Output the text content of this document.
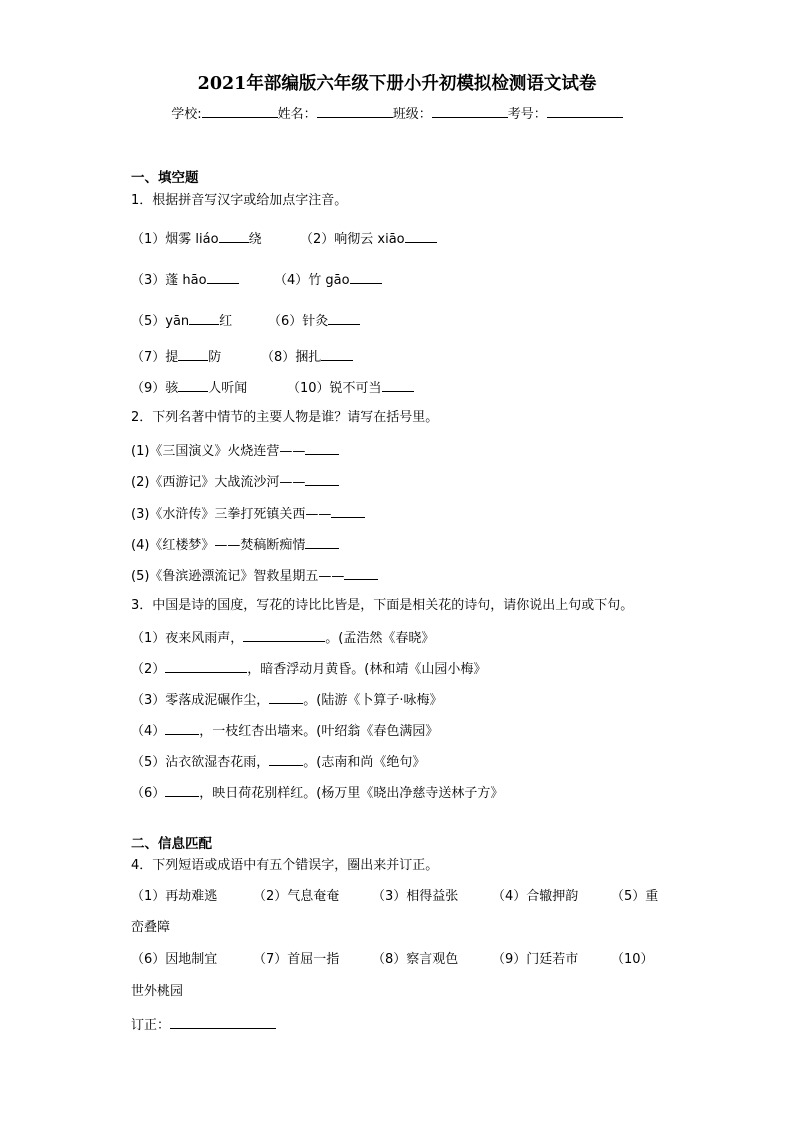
2021年部编版六年级下册小升初模拟检测语文试卷
学校:	姓名：	班级：	考号：
一、填空题
1．根据拼音写汉字或给加点字注音。
（1）烟雾 liáo 绕	（2）响彻云 xiāo
（3）蓬 hāo	（4）竹 gāo
（5）yān 红	（6）针灸
（7）提 防	（8）捆扎
（9）骇 人听闻	（10）锐不可当
2．下列名著中情节的主要人物是谁？请写在括号里。
(1)《三国演义》火烧连营——
(2)《西游记》大战流沙河——
(3)《水浒传》三拳打死镇关西——
(4)《红楼梦》——焚稿断痴情
(5)《鲁滨逊漂流记》智救星期五——
3．中国是诗的国度，写花的诗比比皆是，下面是相关花的诗句，请你说出上句或下句。
（1）夜来风雨声，	。(孟浩然《春晓》
（2）	，暗香浮动月黄昏。(林和靖《山园小梅》
（3）零落成泥碾作尘，	。(陆游《卜算子·咏梅》
（4）	，一枝红杏出墙来。(叶绍翁《春色满园》
（5）沾衣欲湿杏花雨，	。(志南和尚《绝句》
（6）	，映日荷花别样红。(杨万里《晓出净慈寺送林子方》
二、信息匹配
4．下列短语或成语中有五个错误字，圈出来并订正。
（1）再劫难逃	（2）气息奄奄	（3）相得益张	（4）合辙押韵	（5）重
峦叠障
（6）因地制宜	（7）首屈一指	（8）察言观色	（9）门廷若市	（10）
世外桃园
订正：
